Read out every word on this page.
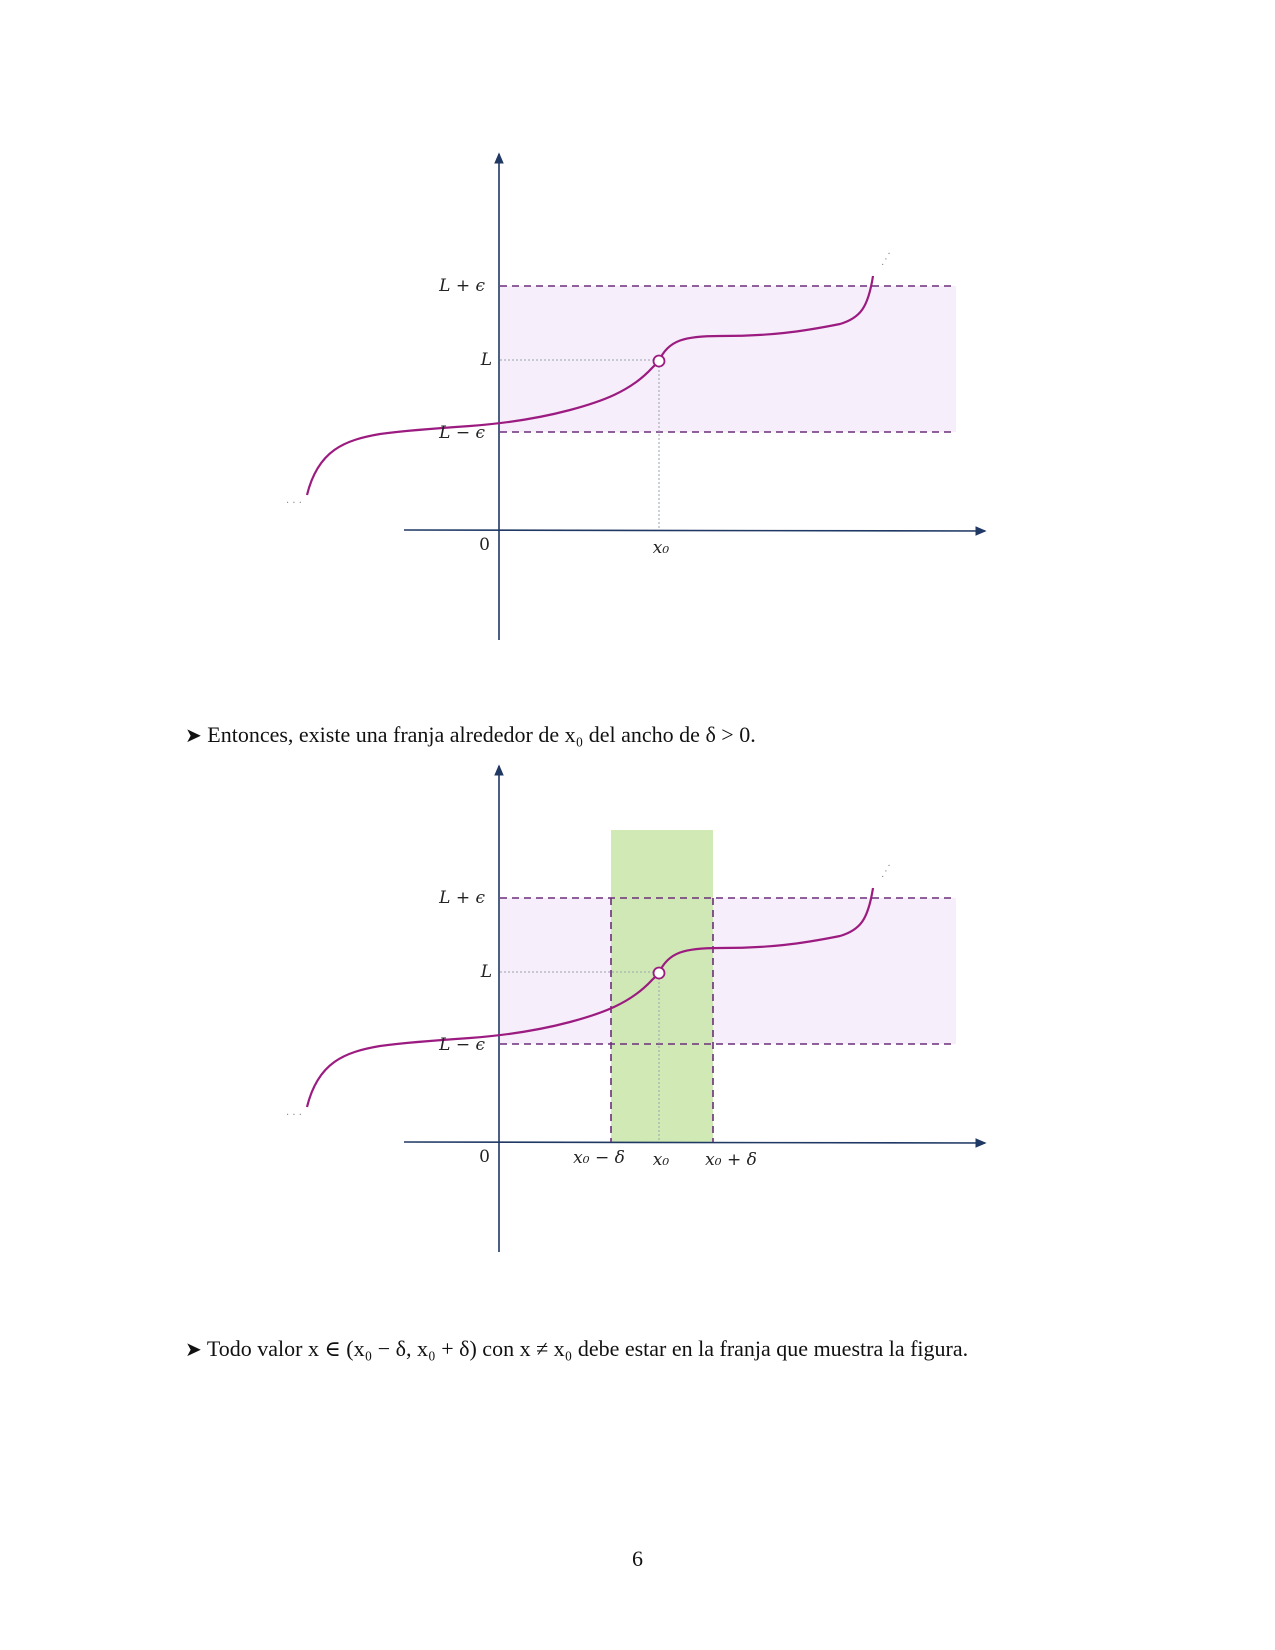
· · ·
· · ·
L + ϵ
L
L − ϵ
0	x₀

➤ Entonces, existe una franja alrededor de x₀ del ancho de δ > 0.

· · ·
· · ·
L + ϵ
L
L − ϵ
0	x₀ − δ x₀ x₀ + δ

➤ Todo valor x ∈ (x₀ − δ, x₀ + δ) con x ≠ x₀ debe estar en la franja que muestra la figura.

6
